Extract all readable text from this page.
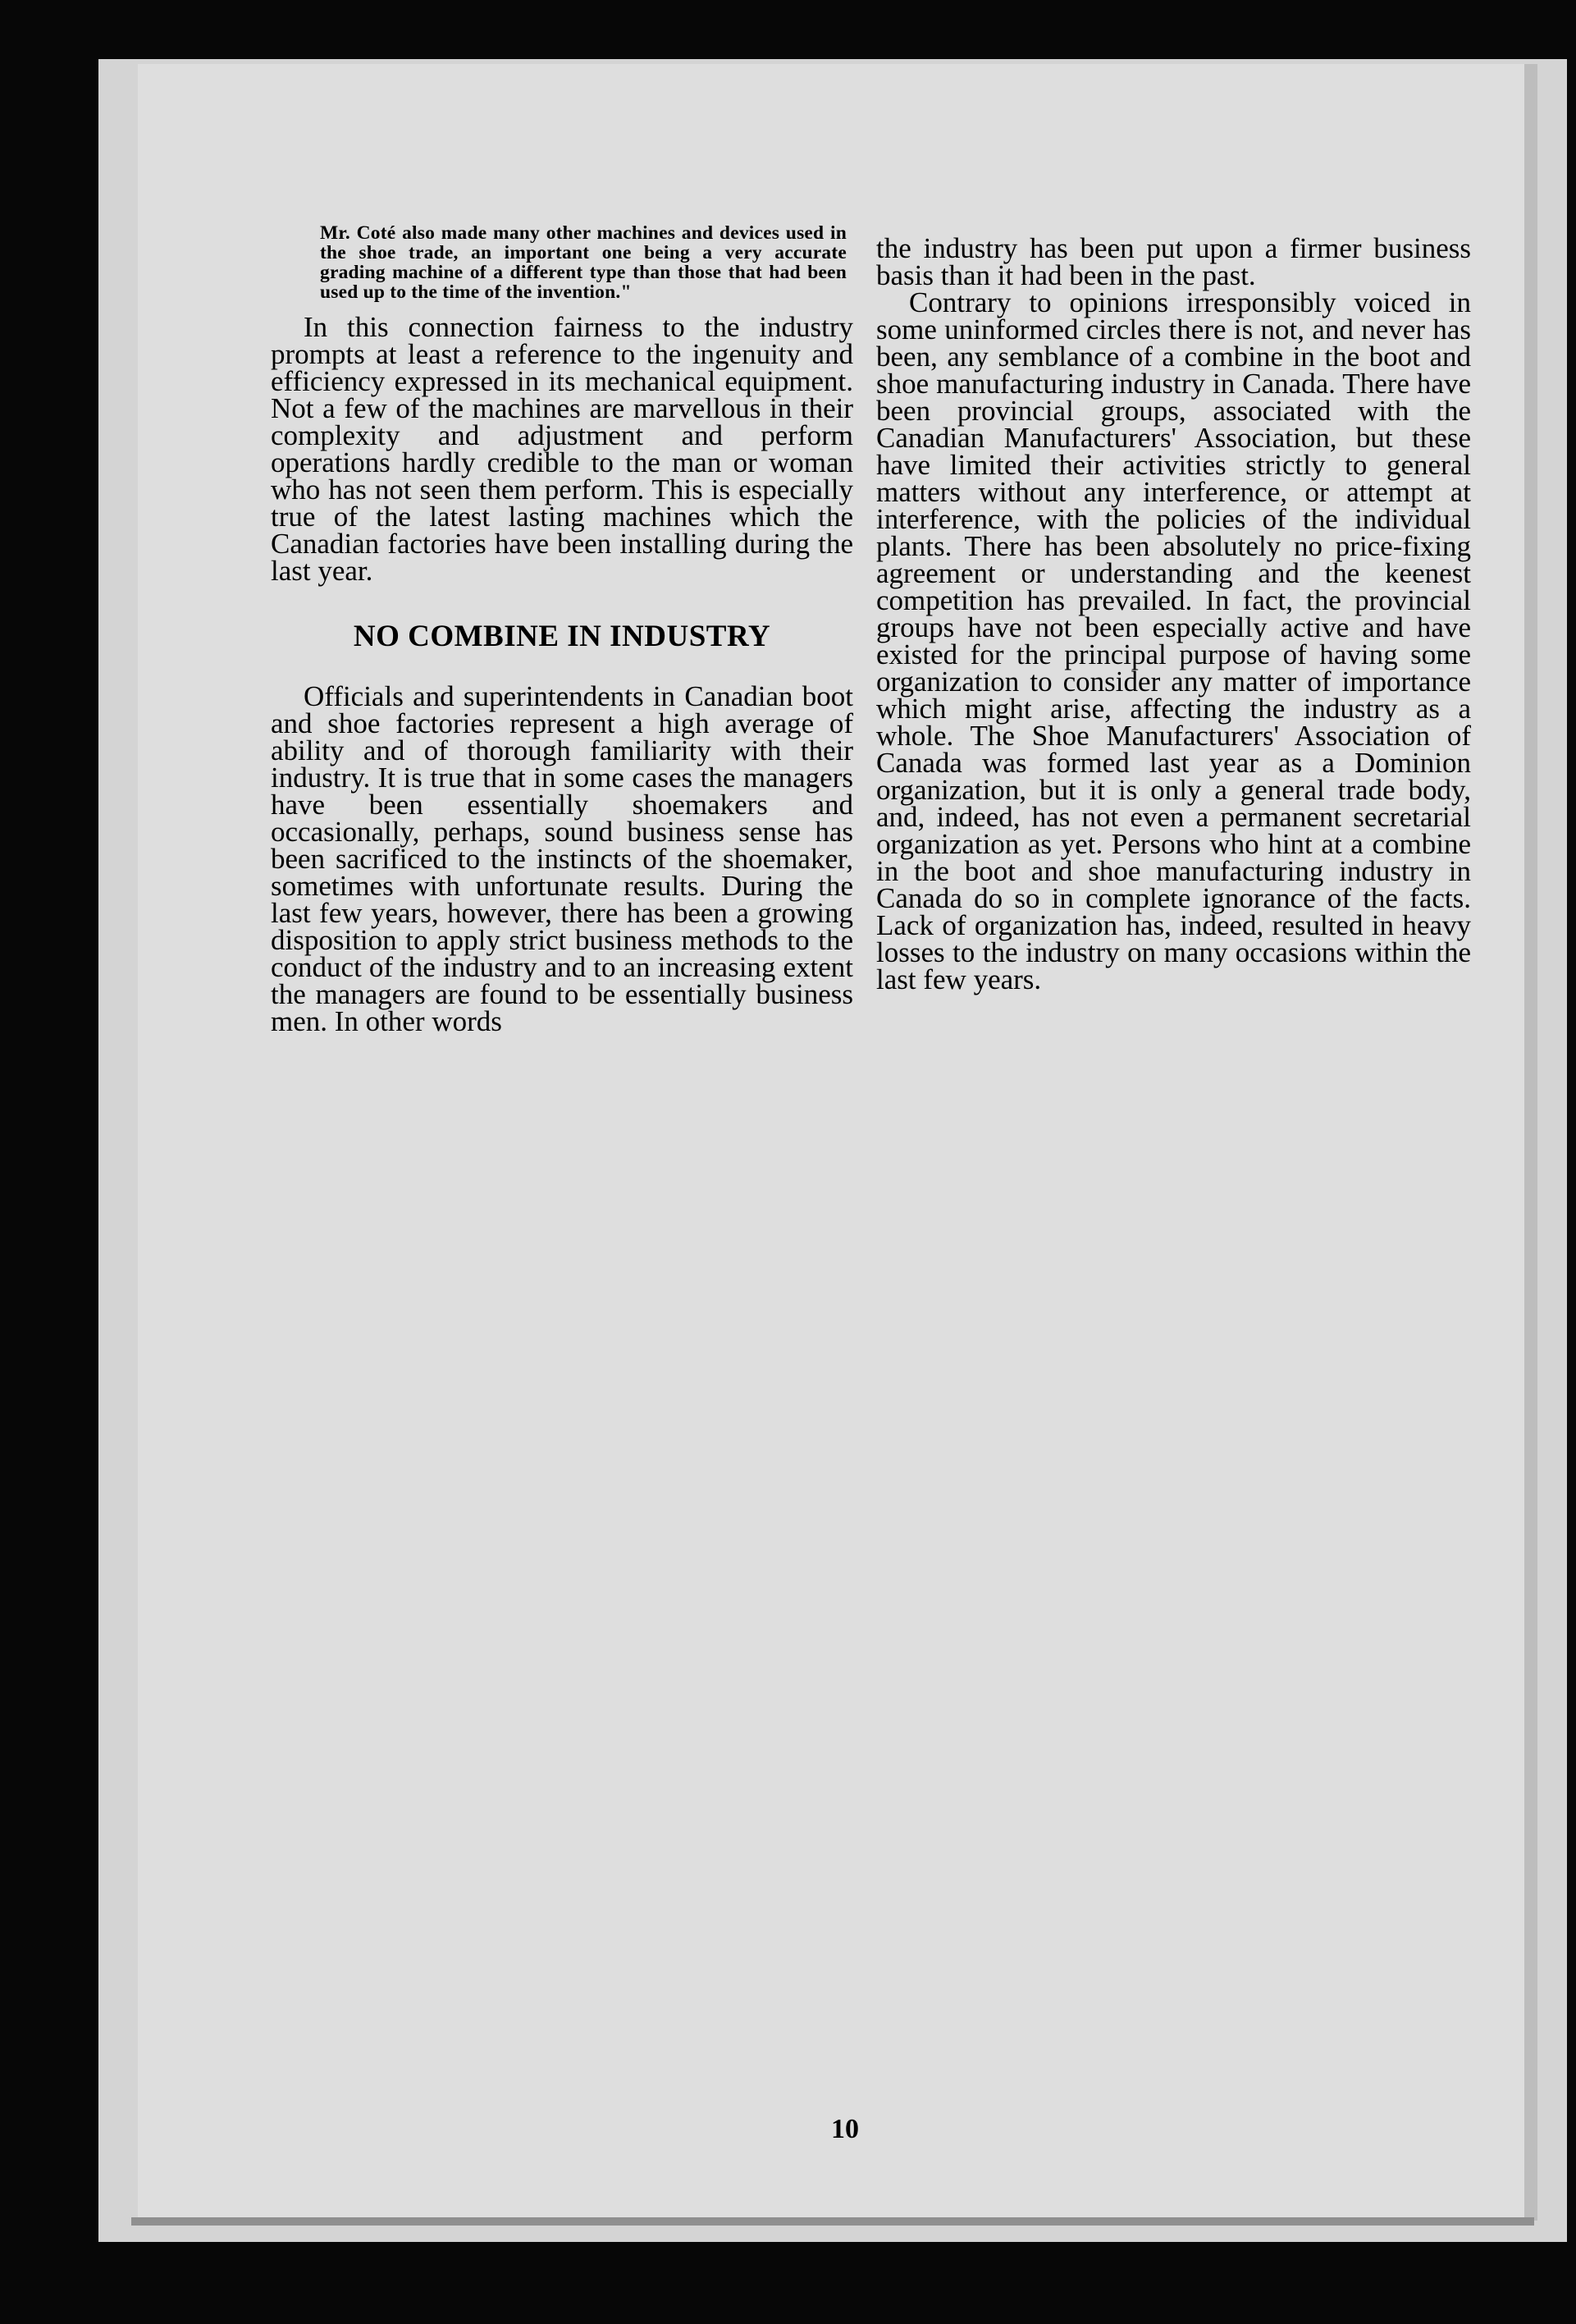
Mr. Coté also made many other machines and devices used in the shoe trade, an important one being a very accurate grading machine of a different type than those that had been used up to the time of the invention."

In this connection fairness to the industry prompts at least a reference to the ingenuity and efficiency expressed in its mechanical equipment. Not a few of the machines are marvellous in their complexity and adjustment and perform operations hardly credible to the man or woman who has not seen them perform. This is especially true of the latest lasting machines which the Canadian factories have been installing during the last year.

NO COMBINE IN INDUSTRY

Officials and superintendents in Canadian boot and shoe factories represent a high average of ability and of thorough familiarity with their industry. It is true that in some cases the managers have been essentially shoemakers and occasionally, perhaps, sound business sense has been sacrificed to the instincts of the shoemaker, sometimes with unfortunate results. During the last few years, however, there has been a growing disposition to apply strict business methods to the conduct of the industry and to an increasing extent the managers are found to be essentially business men. In other words

the industry has been put upon a firmer business basis than it had been in the past.

Contrary to opinions irresponsibly voiced in some uninformed circles there is not, and never has been, any semblance of a combine in the boot and shoe manufacturing industry in Canada. There have been provincial groups, associated with the Canadian Manufacturers' Association, but these have limited their activities strictly to general matters without any interference, or attempt at interference, with the policies of the individual plants. There has been absolutely no price-fixing agreement or understanding and the keenest competition has prevailed. In fact, the provincial groups have not been especially active and have existed for the principal purpose of having some organization to consider any matter of importance which might arise, affecting the industry as a whole. The Shoe Manufacturers' Association of Canada was formed last year as a Dominion organization, but it is only a general trade body, and, indeed, has not even a permanent secretarial organization as yet. Persons who hint at a combine in the boot and shoe manufacturing industry in Canada do so in complete ignorance of the facts. Lack of organization has, indeed, resulted in heavy losses to the industry on many occasions within the last few years.

10
